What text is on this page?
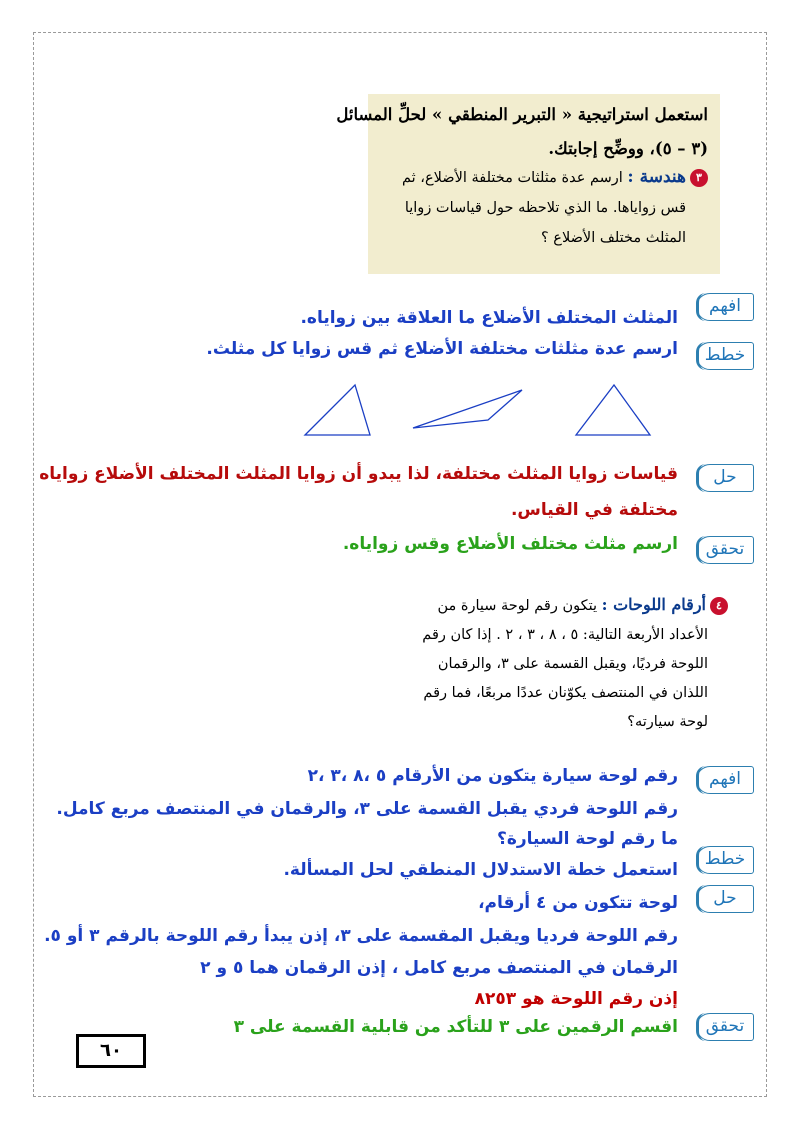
استعمل استراتيجية « التبرير المنطقي » لحلِّ المسائل
(٣ – ٥)، ووضِّح إجابتك.
٣هندسة : ارسم عدة مثلثات مختلفة الأضلاع، ثم
قس زواياها. ما الذي تلاحظه حول قياسات زوايا
المثلث مختلف الأضلاع ؟
افهم
المثلث المختلف الأضلاع ما العلاقة بين زواياه.
خطط
ارسم عدة مثلثات مختلفة الأضلاع ثم قس زوايا كل مثلث.
حل
قياسات زوايا المثلث مختلفة، لذا يبدو أن زوايا المثلث المختلف الأضلاع زواياه
مختلفة في القياس.
تحقق
ارسم مثلث مختلف الأضلاع وقس زواياه.
٤أرقام اللوحات : يتكون رقم لوحة سيارة من
الأعداد الأربعة التالية: ٥ ، ٨ ، ٣ ، ٢ . إذا كان رقم
اللوحة فرديًا، ويقبل القسمة على ٣، والرقمان
اللذان في المنتصف يكوّنان عددًا مربعًا، فما رقم
لوحة سيارته؟
افهم
رقم لوحة سيارة يتكون من الأرقام ٥ ،٨ ،٣ ،٢
رقم اللوحة فردي يقبل القسمة على ٣، والرقمان في المنتصف مربع كامل.
ما رقم لوحة السيارة؟
خطط
استعمل خطة الاستدلال المنطقي لحل المسألة.
حل
لوحة تتكون من ٤ أرقام،
رقم اللوحة فرديا ويقبل المقسمة على ٣، إذن يبدأ رقم اللوحة بالرقم ٣ أو ٥.
الرقمان في المنتصف مربع كامل ، إذن الرقمان هما ٥ و ٢
إذن رقم اللوحة هو ٨٢٥٣
تحقق
اقسم الرقمين على ٣ للتأكد من قابلية القسمة على ٣
٦٠
